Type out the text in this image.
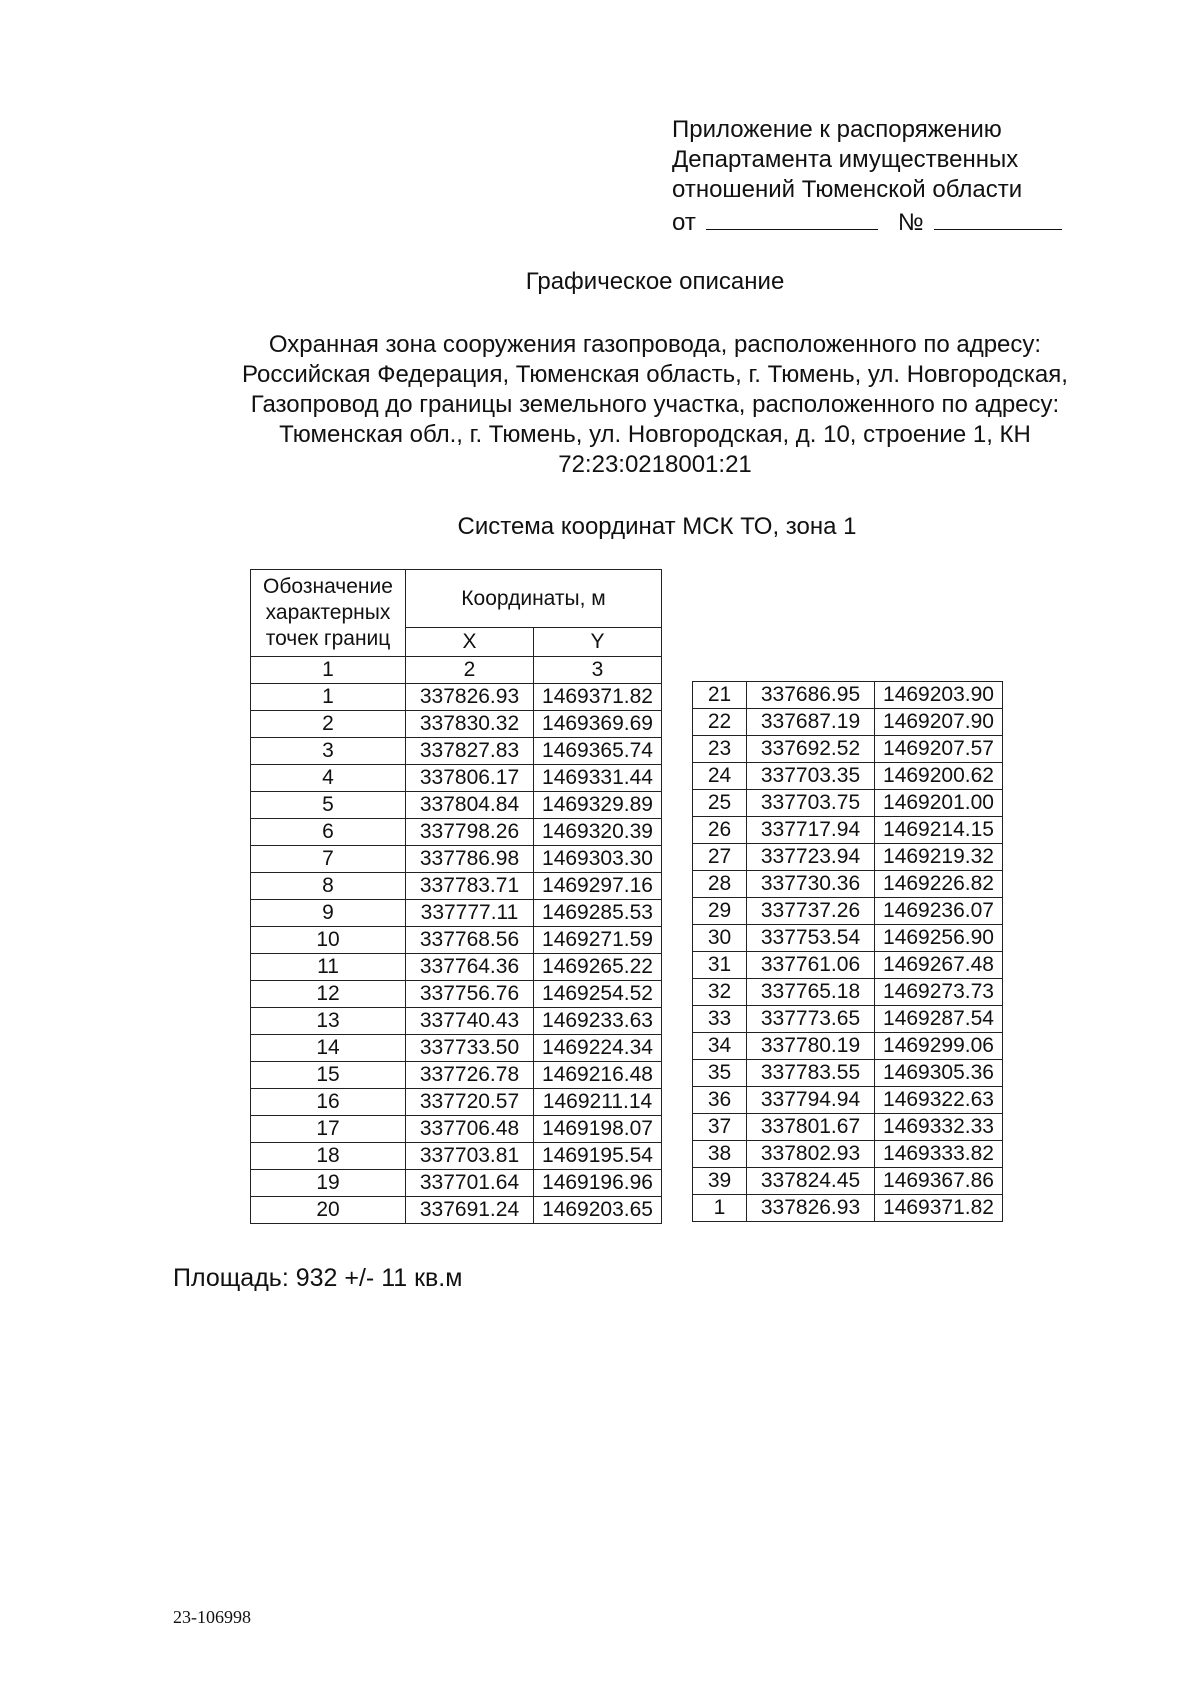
Приложение к распоряжению
Департамента имущественных
отношений Тюменской области
от	№
Графическое описание
Охранная зона сооружения газопровода, расположенного по адресу:
Российская Федерация, Тюменская область, г. Тюмень, ул. Новгородская,
Газопровод до границы земельного участка, расположенного по адресу:
Тюменская обл., г. Тюмень, ул. Новгородская, д. 10, строение 1, КН
72:23:0218001:21
Система координат МСК ТО, зона 1
Обозначение характерных точек границ	Координаты, м	
	X	Y
1	2	3
1	337826.93	1469371.82
2	337830.32	1469369.69
3	337827.83	1469365.74
4	337806.17	1469331.44
5	337804.84	1469329.89
6	337798.26	1469320.39
7	337786.98	1469303.30
8	337783.71	1469297.16
9	337777.11	1469285.53
10	337768.56	1469271.59
11	337764.36	1469265.22
12	337756.76	1469254.52
13	337740.43	1469233.63
14	337733.50	1469224.34
15	337726.78	1469216.48
16	337720.57	1469211.14
17	337706.48	1469198.07
18	337703.81	1469195.54
19	337701.64	1469196.96
20	337691.24	1469203.65
21	337686.95	1469203.90
22	337687.19	1469207.90
23	337692.52	1469207.57
24	337703.35	1469200.62
25	337703.75	1469201.00
26	337717.94	1469214.15
27	337723.94	1469219.32
28	337730.36	1469226.82
29	337737.26	1469236.07
30	337753.54	1469256.90
31	337761.06	1469267.48
32	337765.18	1469273.73
33	337773.65	1469287.54
34	337780.19	1469299.06
35	337783.55	1469305.36
36	337794.94	1469322.63
37	337801.67	1469332.33
38	337802.93	1469333.82
39	337824.45	1469367.86
1	337826.93	1469371.82
Площадь: 932 +/- 11 кв.м
23-106998
